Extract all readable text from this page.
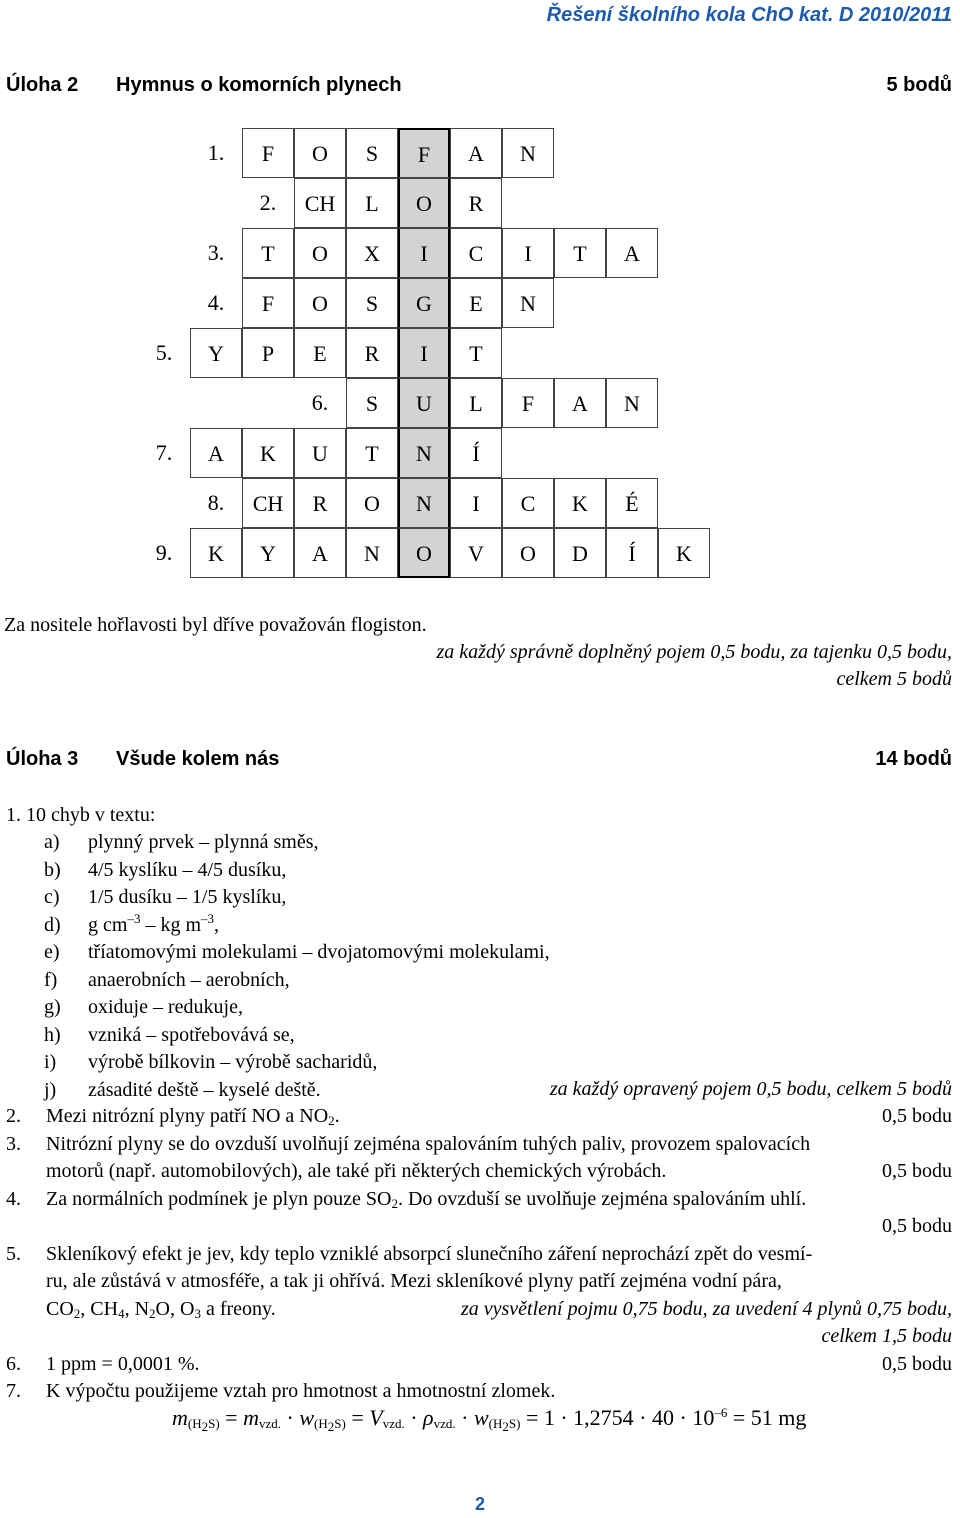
Řešení školního kola ChO kat. D 2010/2011
Úloha 2 Hymnus o komorních plynech	5 bodů
1.	F	O	S	F	A	N
2.	CH	L	O	R
3.	T	O	X	I	C	I	T	A
4.	F	O	S	G	E	N
5.	Y	P	E	R	I	T
6.	S	U	L	F	A	N
7.	A	K	U	T	N	Í
8.	CH	R	O	N	I	C	K	É
9.	K	Y	A	N	O	V	O	D	Í	K
Za nositele hořlavosti byl dříve považován flogiston.
za každý správně doplněný pojem 0,5 bodu, za tajenku 0,5 bodu,
celkem 5 bodů
Úloha 3 Všude kolem nás	14 bodů
1. 10 chyb v textu:
a) plynný prvek – plynná směs,
b) 4/5 kyslíku – 4/5 dusíku,
c) 1/5 dusíku – 1/5 kyslíku,
d) g $cm^{-3}$ – kg $m^{-3}$,
e) tříatomovými molekulami – dvojatomovými molekulami,
f) anaerobních – aerobních,
g) oxiduje – redukuje,
h) vzniká – spotřebovává se,
i) výrobě bílkovin – výrobě sacharidů,
j) zásadité deště – kyselé deště.	za každý opravený pojem 0,5 bodu, celkem 5 bodů
2. Mezi nitrózní plyny patří NO a $NO_2$.	0,5 bodu
3. Nitrózní plyny se do ovzduší uvolňují zejména spalováním tuhých paliv, provozem spalovacích
motorů (např. automobilových), ale také při některých chemických výrobách.	0,5 bodu
4. Za normálních podmínek je plyn pouze $SO_2$. Do ovzduší se uvolňuje zejména spalováním uhlí.
0,5 bodu
5. Skleníkový efekt je jev, kdy teplo vzniklé absorpcí slunečního záření neprochází zpět do vesmí-
ru, ale zůstává v atmosféře, a tak ji ohřívá. Mezi skleníkové plyny patří zejména vodní pára,
$CO_2$, $CH_4$, $N_2O$, $O_3$ a freony.	za vysvětlení pojmu 0,75 bodu, za uvedení 4 plynů 0,75 bodu,
celkem 1,5 bodu
6. 1 ppm = 0,0001 %.	0,5 bodu
7. K výpočtu použijeme vztah pro hmotnost a hmotnostní zlomek.
$m_{(H_2S)} = m_{vzd.} \cdot w_{(H_2S)} = V_{vzd.} \cdot \rho_{vzd.} \cdot w_{(H_2S)} = 1 \cdot 1,2754 \cdot 40 \cdot 10^{-6} = 51$ mg
2
